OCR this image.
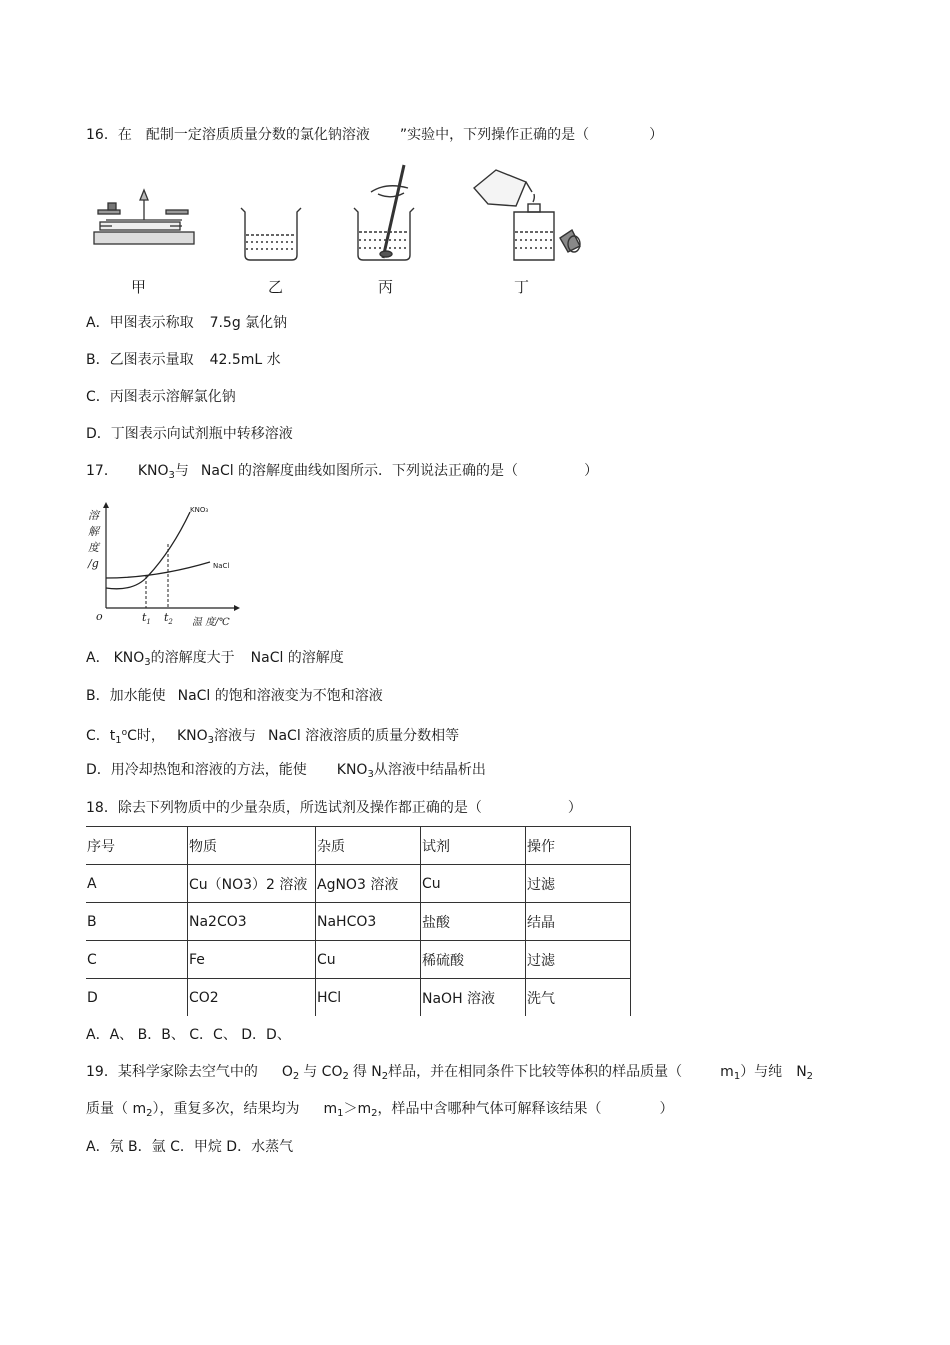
16．在 配制一定溶质质量分数的氯化钠溶液 ”实验中，下列操作正确的是（	）
甲	乙	丙	丁
A．甲图表示称取 7.5g 氯化钠
B．乙图表示量取 42.5mL 水
C．丙图表示溶解氯化钠
D．丁图表示向试剂瓶中转移溶液
17． $KNO_3$与 NaCl 的溶解度曲线如图所示．下列说法正确的是（	）
溶
解
度
/g
KNO₃
NaCl
o	$t_1$ $t_2$ 温 度/℃
A． $KNO_3$的溶解度大于 NaCl 的溶解度
B．加水能使 NaCl 的饱和溶液变为不饱和溶液
C．$t_1^oC$时， $KNO_3$溶液与 NaCl 溶液溶质的质量分数相等
D．用冷却热饱和溶液的方法，能使 $KNO_3$从溶液中结晶析出
18．除去下列物质中的少量杂质，所选试剂及操作都正确的是（	）
序号	物质	杂质	试剂	操作
A	Cu（NO3）2 溶液	AgNO3 溶液	Cu	过滤
B	Na2CO3	NaHCO3	盐酸	结晶
C	Fe	Cu	稀硫酸	过滤
D	CO2	HCl	NaOH 溶液	洗气
A．A、 B．B、 C．C、 D．D、
19．某科学家除去空气中的 $O_2$ 与 $CO_2$ 得 $N_2$样品，并在相同条件下比较等体积的样品质量（	$m_1$）与纯 $N_2$
质量（ $m_2$），重复多次，结果均为 $m_1>m_2$，样品中含哪种气体可解释该结果（	）
A．氖 B．氩 C．甲烷 D．水蒸气
